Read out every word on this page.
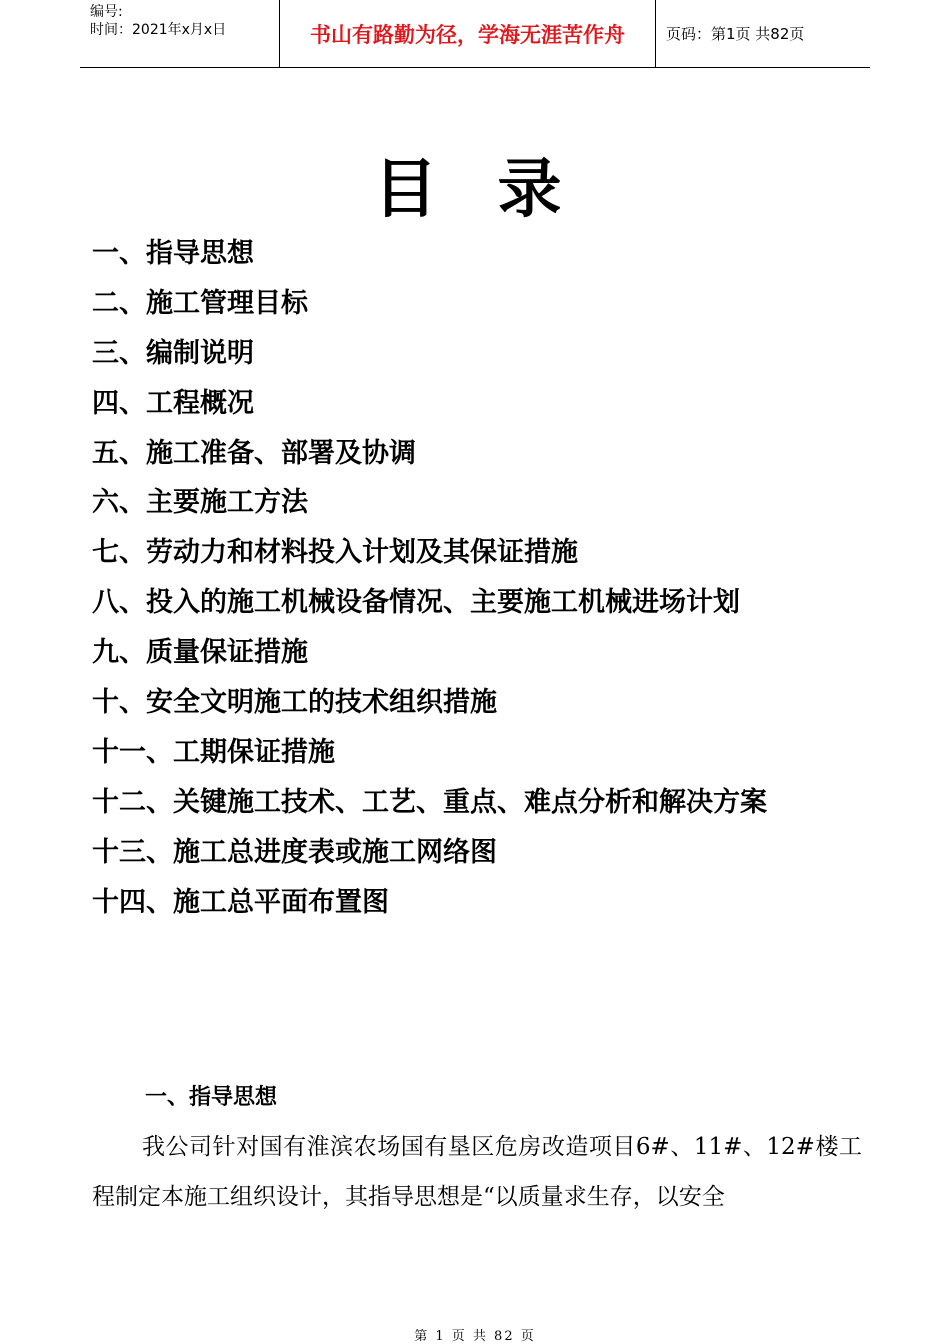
编号:
时间：2021年x月x日	书山有路勤为径，学海无涯苦作舟	页码：第1页 共82页
目录
一、指导思想
二、施工管理目标
三、编制说明
四、工程概况
五、施工准备、部署及协调
六、主要施工方法
七、劳动力和材料投入计划及其保证措施
八、投入的施工机械设备情况、主要施工机械进场计划
九、质量保证措施
十、安全文明施工的技术组织措施
十一、工期保证措施
十二、关键施工技术、工艺、重点、难点分析和解决方案
十三、施工总进度表或施工网络图
十四、施工总平面布置图
一、指导思想
我公司针对国有淮滨农场国有垦区危房改造项目6#、11#、12#楼工程制定本施工组织设计，其指导思想是“以质量求生存，以安全
第 1 页 共 82 页
